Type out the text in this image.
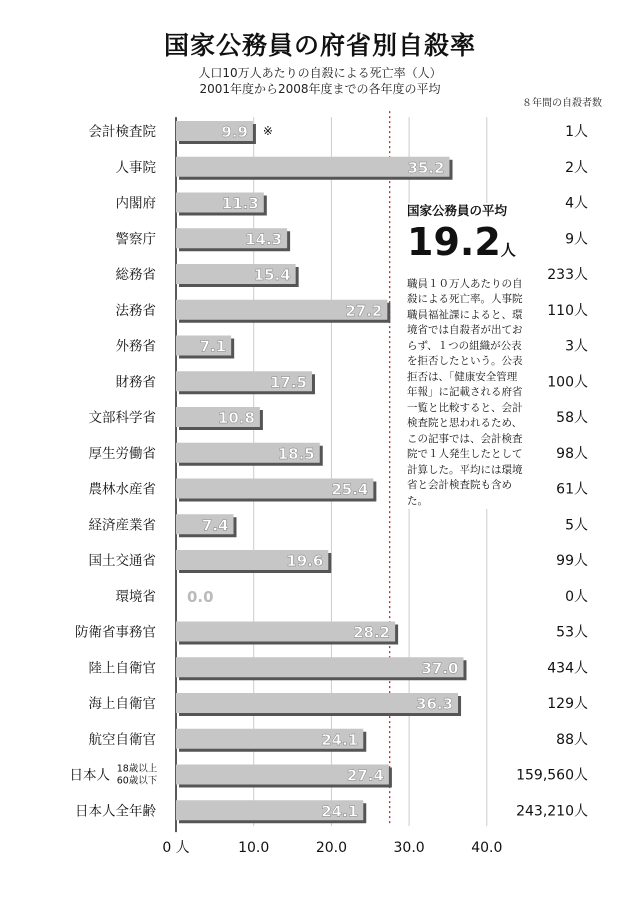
国家公務員の府省別自殺率
人口10万人あたりの自殺による死亡率（人）
2001年度から2008年度までの各年度の平均
８年間の自殺者数
0 人	10.0	20.0	30.0	40.0
会計検査院	9.9 ※	1人
人事院	35.2	2人
内閣府	11.3	4人
警察庁	14.3	9人
総務省	15.4	233人
法務省	27.2	110人
外務省	7.1	3人
財務省	17.5	100人
文部科学省	10.8	58人
厚生労働省	18.5	98人
農林水産省	25.4	61人
経済産業省	7.4	5人
国土交通省	19.6	99人
環境省 0.0	0人
防衛省事務官	28.2	53人
陸上自衛官	37.0	434人
海上自衛官	36.3	129人
航空自衛官	24.1	88人
日本人 18歳以上
60歳以下	27.4	159,560人
日本人全年齢	24.1	243,210人
国家公務員の平均
19.2人
職員１０万人あたりの自殺による死亡率。人事院職員福祉課によると、環境省では自殺者が出ておらず、１つの組織が公表を拒否したという。公表拒否は、「健康安全管理年報」に記載される府省一覧と比較すると、会計検査院と思われるため、この記事では、会計検査院で１人発生したとして計算した。平均には環境省と会計検査院も含めた。
